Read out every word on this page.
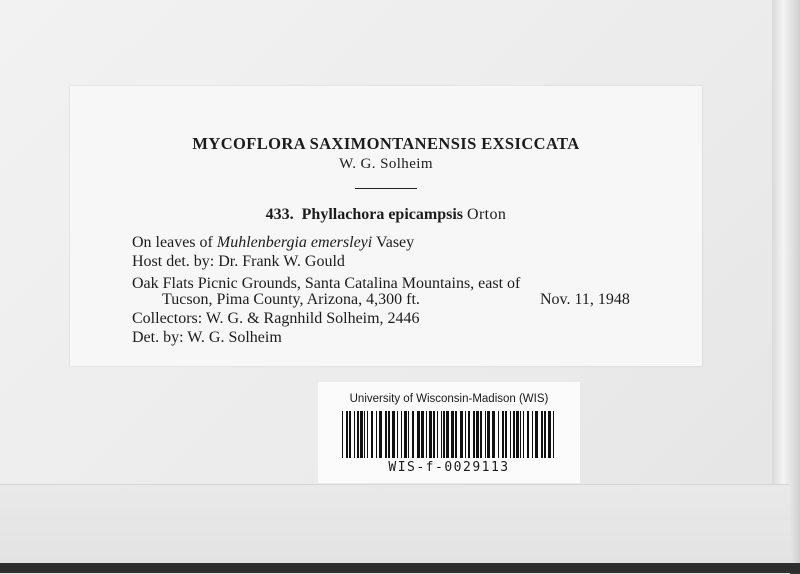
MYCOFLORA SAXIMONTANENSIS EXSICCATA
W. G. Solheim
433. Phyllachora epicampsis Orton
On leaves of Muhlenbergia emersleyi Vasey
Host det. by: Dr. Frank W. Gould
Oak Flats Picnic Grounds, Santa Catalina Mountains, east of
Tucson, Pima County, Arizona, 4,300 ft.	Nov. 11, 1948
Collectors: W. G. & Ragnhild Solheim, 2446
Det. by: W. G. Solheim
University of Wisconsin-Madison (WIS)
WIS-f-0029113
